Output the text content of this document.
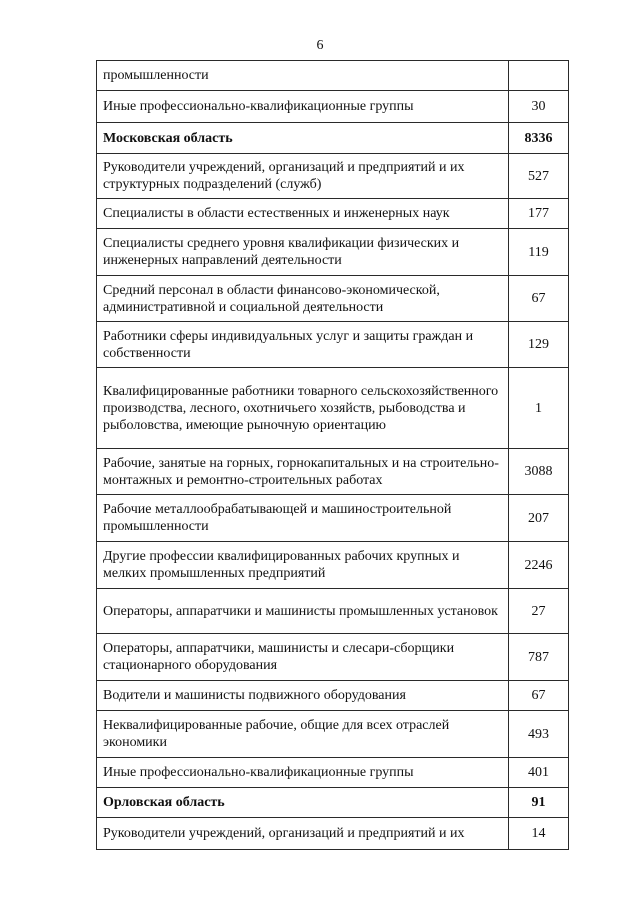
6
промышленности	
Иные профессионально-квалификационные группы	30
Московская область	8336
Руководители учреждений, организаций и предприятий и их структурных подразделений (служб)	527
Специалисты в области естественных и инженерных наук	177
Специалисты среднего уровня квалификации физических и инженерных направлений деятельности	119
Средний персонал в области финансово-экономической, административной и социальной деятельности	67
Работники сферы индивидуальных услуг и защиты граждан и собственности	129
Квалифицированные работники товарного сельскохозяйственного производства, лесного, охотничьего хозяйств, рыбоводства и рыболовства, имеющие рыночную ориентацию	1
Рабочие, занятые на горных, горнокапитальных и на строительно-монтажных и ремонтно-строительных работах	3088
Рабочие металлообрабатывающей и машиностроительной промышленности	207
Другие профессии квалифицированных рабочих крупных и мелких промышленных предприятий	2246
Операторы, аппаратчики и машинисты промышленных установок	27
Операторы, аппаратчики, машинисты и слесари-сборщики стационарного оборудования	787
Водители и машинисты подвижного оборудования	67
Неквалифицированные рабочие, общие для всех отраслей экономики	493
Иные профессионально-квалификационные группы	401
Орловская область	91
Руководители учреждений, организаций и предприятий и их	14
